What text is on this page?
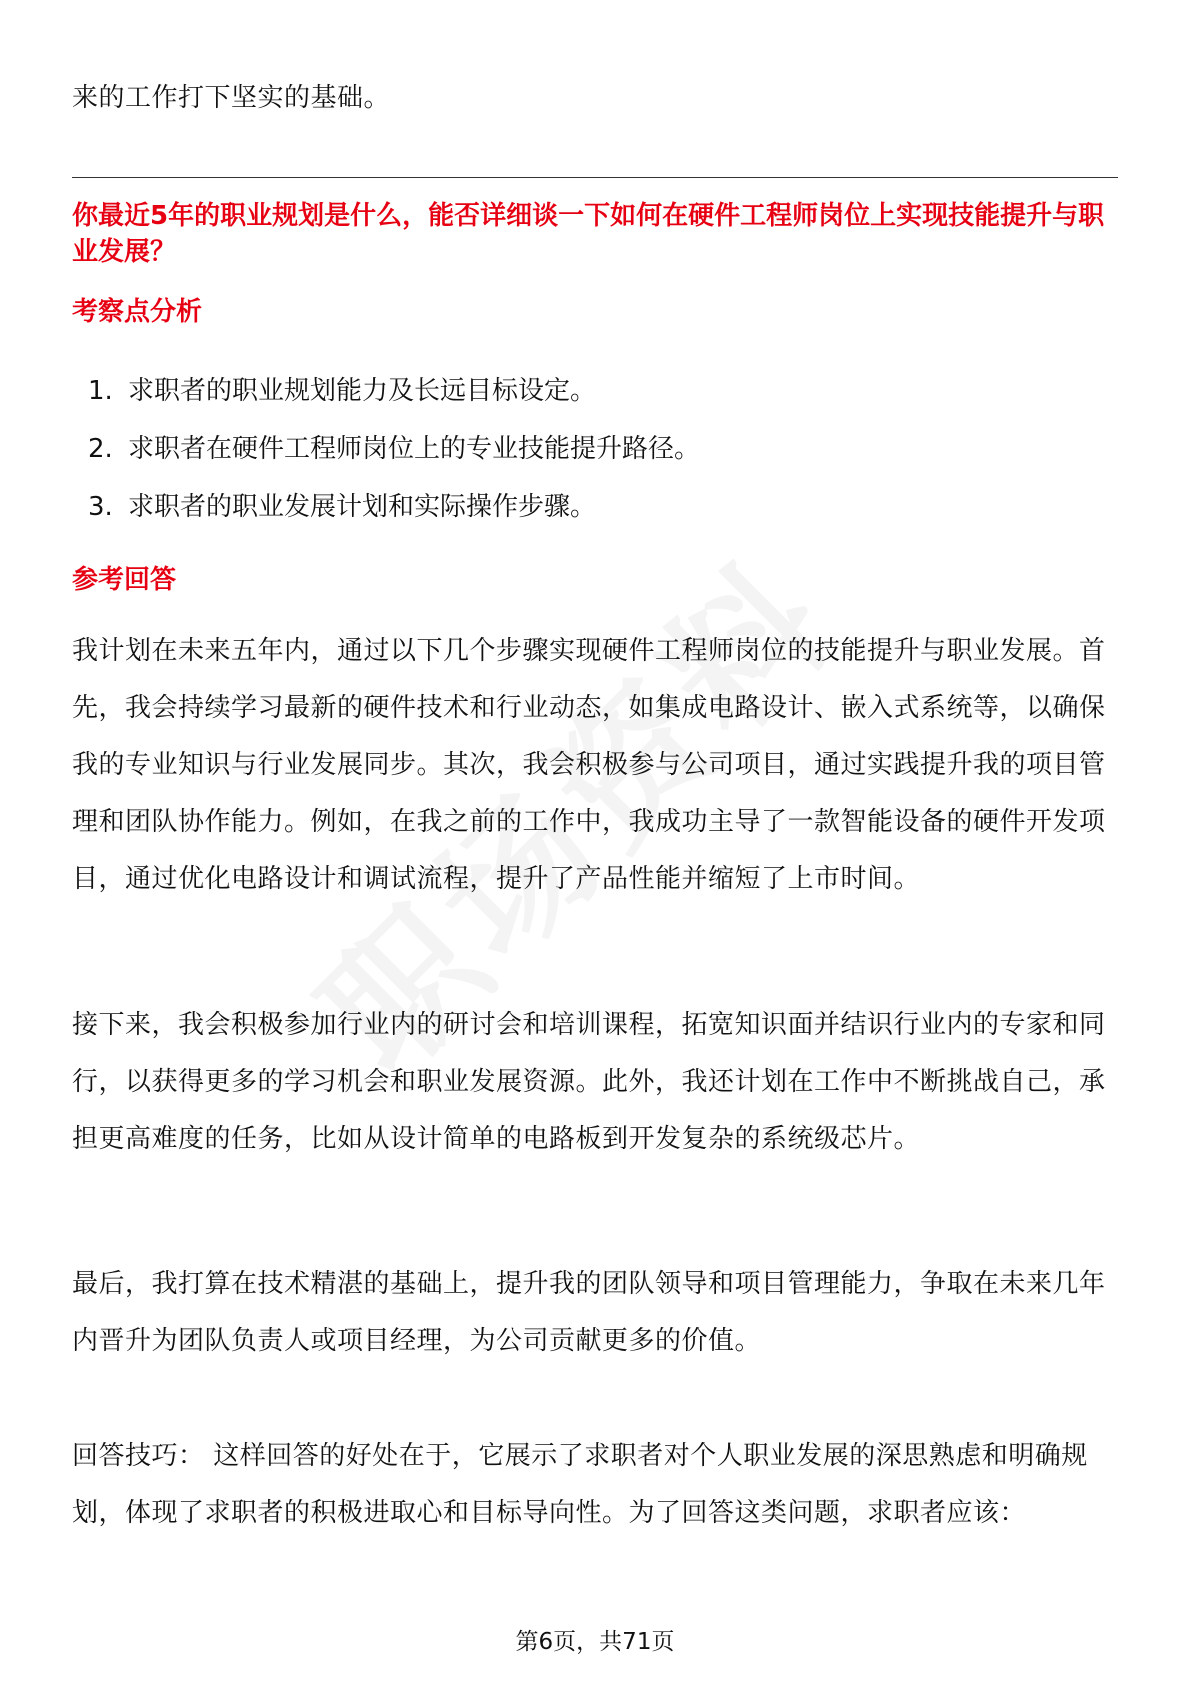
来的工作打下坚实的基础。

你最近5年的职业规划是什么，能否详细谈一下如何在硬件工程师岗位上实现技能提升与职业发展？

考察点分析

1. 求职者的职业规划能力及长远目标设定。
2. 求职者在硬件工程师岗位上的专业技能提升路径。
3. 求职者的职业发展计划和实际操作步骤。

参考回答

我计划在未来五年内，通过以下几个步骤实现硬件工程师岗位的技能提升与职业发展。首先，我会持续学习最新的硬件技术和行业动态，如集成电路设计、嵌入式系统等，以确保我的专业知识与行业发展同步。其次，我会积极参与公司项目，通过实践提升我的项目管理和团队协作能力。例如，在我之前的工作中，我成功主导了一款智能设备的硬件开发项目，通过优化电路设计和调试流程，提升了产品性能并缩短了上市时间。

接下来，我会积极参加行业内的研讨会和培训课程，拓宽知识面并结识行业内的专家和同行，以获得更多的学习机会和职业发展资源。此外，我还计划在工作中不断挑战自己，承担更高难度的任务，比如从设计简单的电路板到开发复杂的系统级芯片。

最后，我打算在技术精湛的基础上，提升我的团队领导和项目管理能力，争取在未来几年内晋升为团队负责人或项目经理，为公司贡献更多的价值。

回答技巧： 这样回答的好处在于，它展示了求职者对个人职业发展的深思熟虑和明确规划，体现了求职者的积极进取心和目标导向性。为了回答这类问题，求职者应该：

第6页，共71页
